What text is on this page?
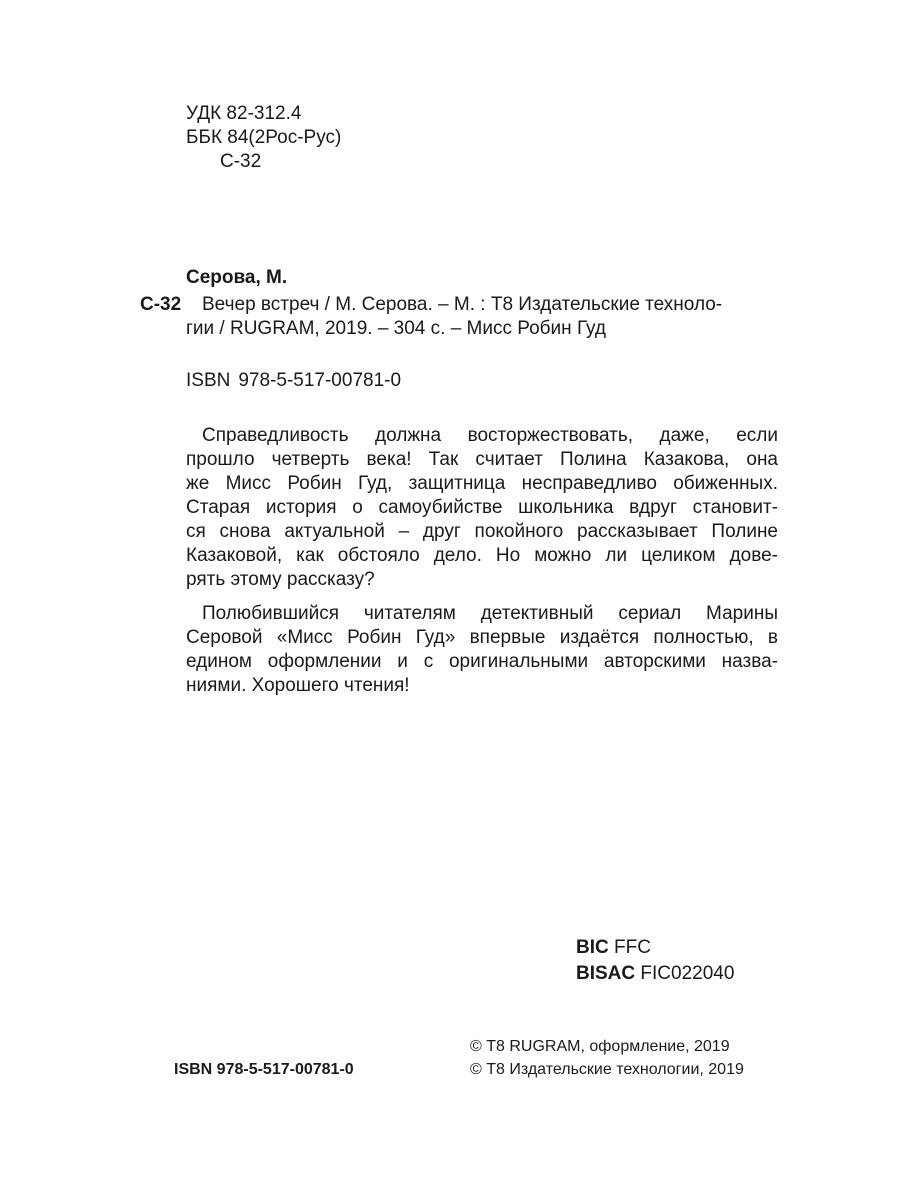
УДК 82-312.4
ББК 84(2Рос-Рус)
С-32
Серова, М.
С-32 Вечер встреч / М. Серова. – М. : Т8 Издательские техноло-
гии / RUGRAM, 2019. – 304 с. – Мисс Робин Гуд
ISBN 978-5-517-00781-0
Справедливость должна восторжествовать, даже, если
прошло четверть века! Так считает Полина Казакова, она
же Мисс Робин Гуд, защитница несправедливо обиженных.
Старая история о самоубийстве школьника вдруг становит-
ся снова актуальной – друг покойного рассказывает Полине
Казаковой, как обстояло дело. Но можно ли целиком дове-
рять этому рассказу?
Полюбившийся читателям детективный сериал Марины
Серовой «Мисс Робин Гуд» впервые издаётся полностью, в
едином оформлении и с оригинальными авторскими назва-
ниями. Хорошего чтения!
BIC FFC
BISAC FIC022040
© Т8 RUGRAM, оформление, 2019
© Т8 Издательские технологии, 2019
ISBN 978-5-517-00781-0
